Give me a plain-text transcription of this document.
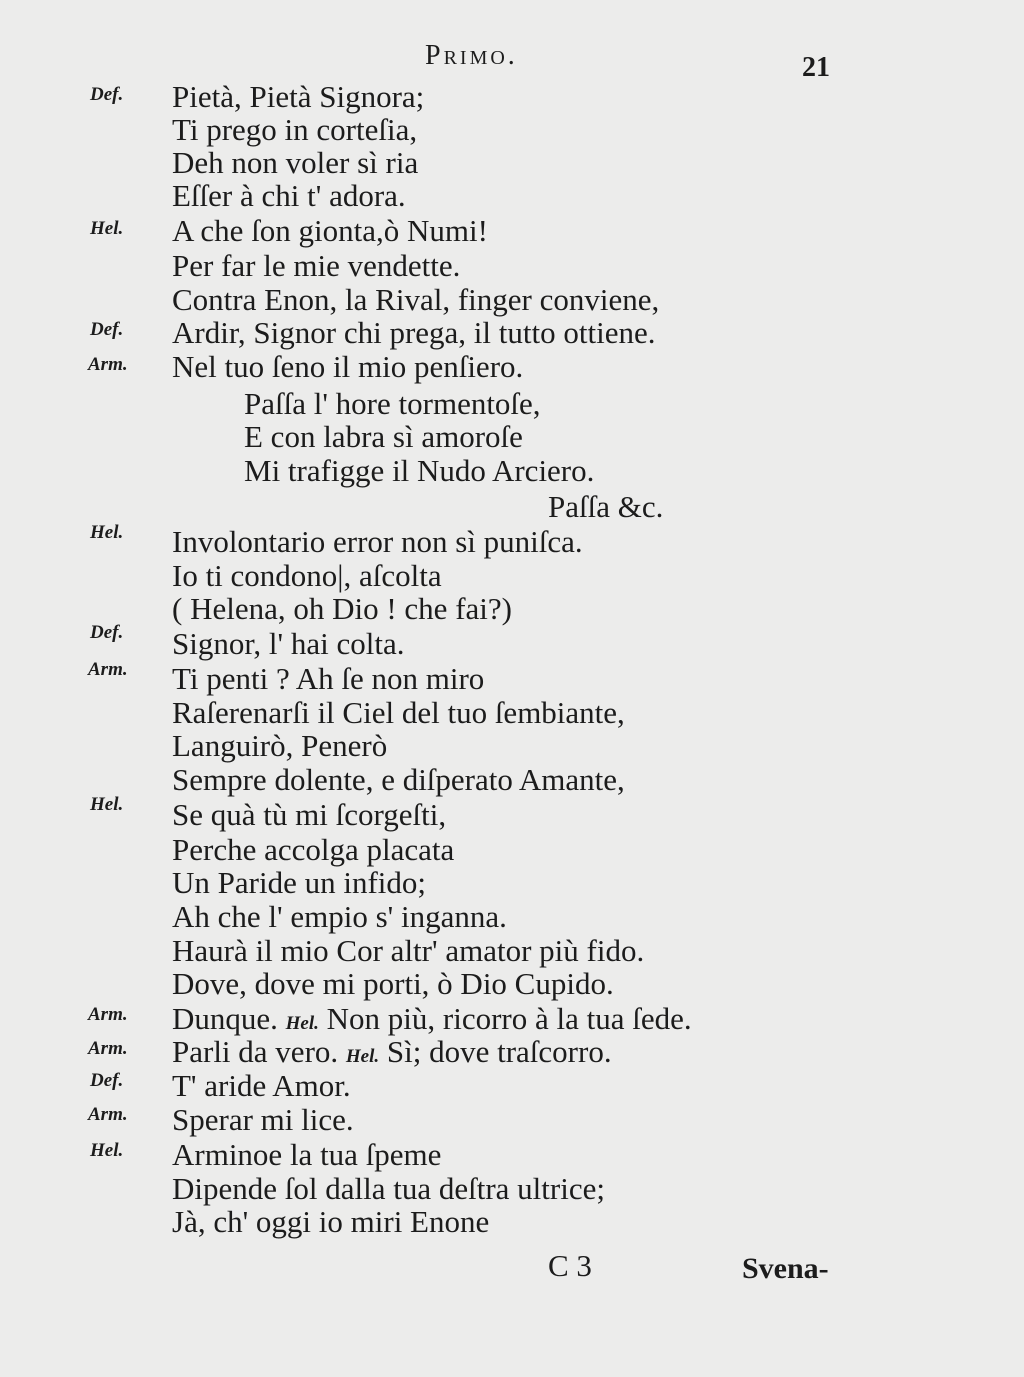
Primo.	21
Def.
Hel.
Def.
Arm.
Hel.
Def.
Arm.
Hel.
Arm.
Arm.
Def.
Arm.
Hel.
Pietà, Pietà Signora;
Ti prego in corteſia,
Deh non voler sì ria
Eſſer à chi t' adora.
A che ſon gionta,ò Numi!
Per far le mie vendette.
Contra Enon, la Rival, finger conviene,
Ardir, Signor chi prega, il tutto ottiene.
Nel tuo ſeno il mio penſiero.
Paſſa l' hore tormentoſe,
E con labra sì amoroſe
Mi trafigge il Nudo Arciero.
Paſſa &c.
Involontario error non sì puniſca.
Io ti condono|, aſcolta
( Helena, oh Dio ! che fai?)
Signor, l' hai colta.
Ti penti ? Ah ſe non miro
Raſerenarſi il Ciel del tuo ſembiante,
Languirò, Penerò
Sempre dolente, e diſperato Amante,
Se quà tù mi ſcorgeſti,
Perche accolga placata
Un Paride un infido;
Ah che l' empio s' inganna.
Haurà il mio Cor altr' amator più fido.
Dove, dove mi porti, ò Dio Cupido.
Dunque. Hel. Non più, ricorro à la tua ſede.
Parli da vero. Hel. Sì; dove traſcorro.
T' aride Amor.
Sperar mi lice.
Arminoe la tua ſpeme
Dipende ſol dalla tua deſtra ultrice;
Jà, ch' oggi io miri Enone
C 3	Svena-
